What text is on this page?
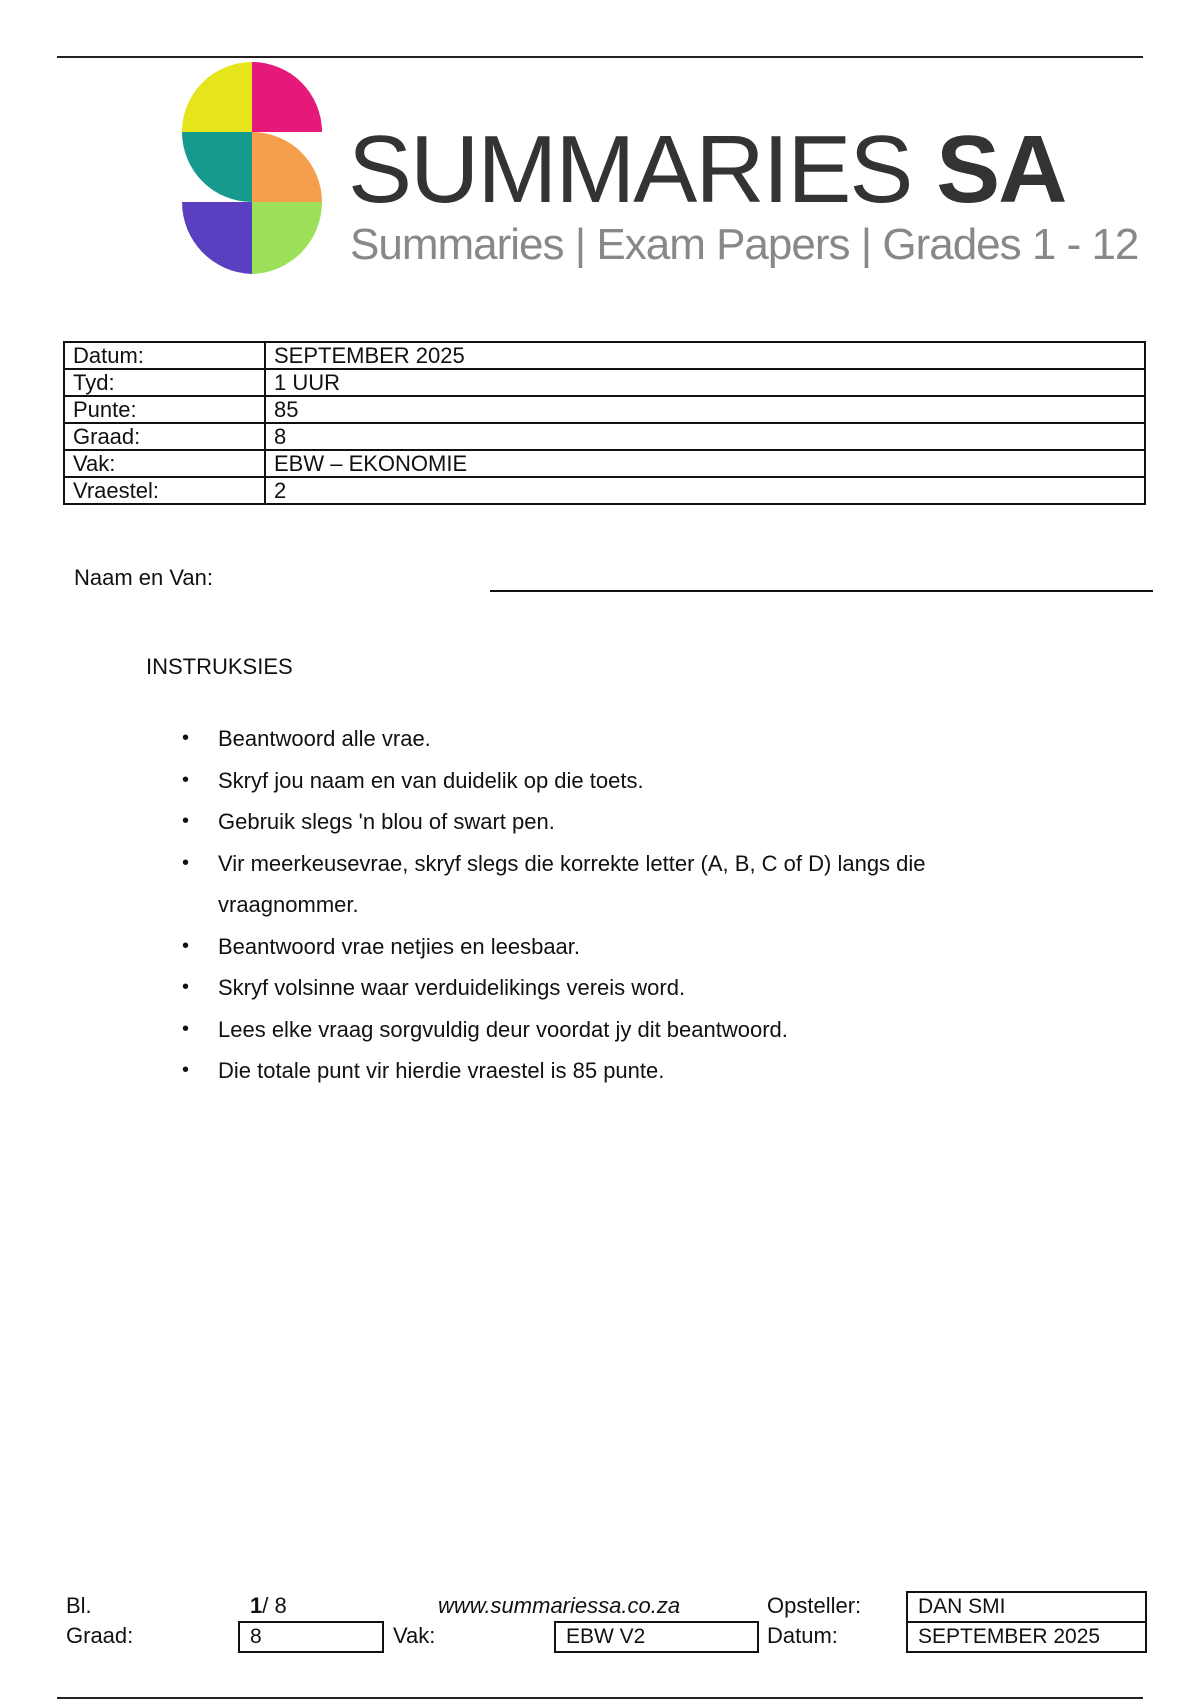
SUMMARIES SA
Summaries | Exam Papers | Grades 1 - 12
Datum:	SEPTEMBER 2025
Tyd:	1 UUR
Punte:	85
Graad:	8
Vak:	EBW – EKONOMIE
Vraestel:	2
Naam en Van:
INSTRUKSIES
• Beantwoord alle vrae.
• Skryf jou naam en van duidelik op die toets.
• Gebruik slegs 'n blou of swart pen.
• Vir meerkeusevrae, skryf slegs die korrekte letter (A, B, C of D) langs die vraagnommer.
• Beantwoord vrae netjies en leesbaar.
• Skryf volsinne waar verduidelikings vereis word.
• Lees elke vraag sorgvuldig deur voordat jy dit beantwoord.
• Die totale punt vir hierdie vraestel is 85 punte.
Bl.	1/ 8	www.summariessa.co.za	Opsteller:	DAN SMI
Graad:	8	Vak:	EBW V2	Datum:	SEPTEMBER 2025
